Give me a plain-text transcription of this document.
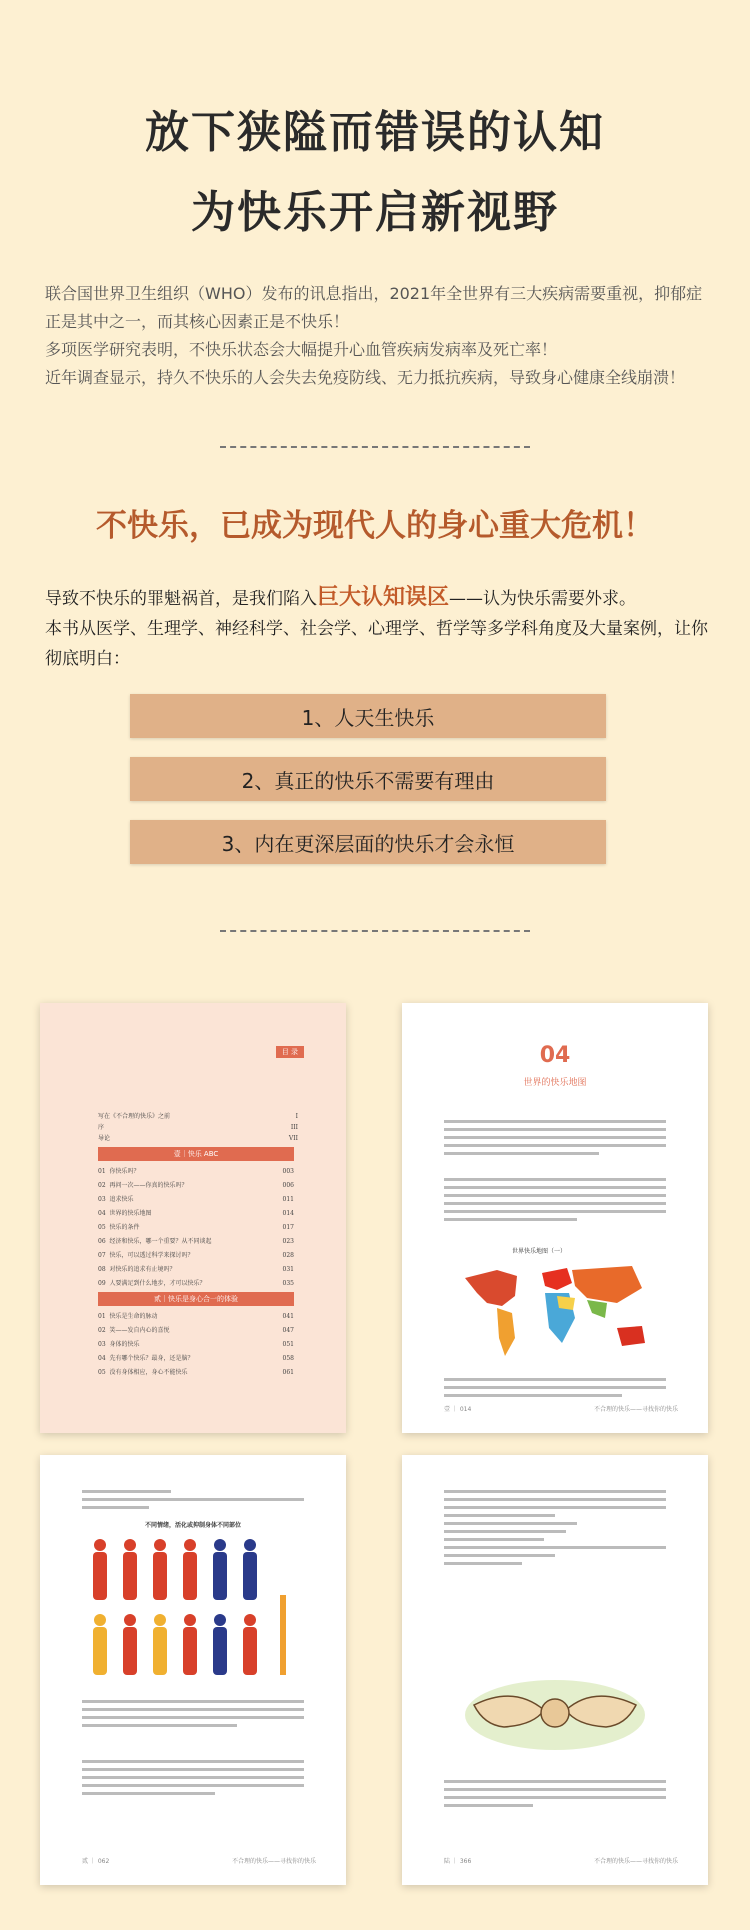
放下狭隘而错误的认知
为快乐开启新视野

联合国世界卫生组织（WHO）发布的讯息指出，2021年全世界有三大疾病需要重视，抑郁症正是其中之一，而其核心因素正是不快乐！

多项医学研究表明，不快乐状态会大幅提升心血管疾病发病率及死亡率！

近年调查显示，持久不快乐的人会失去免疫防线、无力抵抗疾病，导致身心健康全线崩溃！

不快乐，已成为现代人的身心重大危机！
导致不快乐的罪魁祸首，是我们陷入巨大认知误区——认为快乐需要外求。
本书从医学、生理学、神经科学、社会学、心理学、哲学等多学科角度及大量案例，让你彻底明白：
1、人天生快乐
2、真正的快乐不需要有理由
3、内在更深层面的快乐才会永恒
目 录
写在《不合理的快乐》之前	I
序	III
导论	VII
壹｜快乐 ABC
01 你快乐吗？	003
02 再问一次——你真的快乐吗？	006
03 追求快乐	011
04 世界的快乐地图	014
05 快乐的条件	017
06 经济和快乐，哪一个重要？从不同谈起	023
07 快乐，可以透过科学来探讨吗？	028
08 对快乐的追求有止境吗？	031
09 人要满足到什么地步，才可以快乐？	035
贰｜快乐是身心合一的体验
01 快乐是生命的脉动	041
02 笑——发自内心的喜悦	047
03 身体的快乐	051
04 先有哪个快乐？最身，还是脑？	058
05 没有身体相应，身心不能快乐	061
04
世界的快乐地图
世界快乐地图（一）
壹 ｜ 014	不合理的快乐——寻找你的快乐
不同情绪，活化或抑制身体不同部位
贰 ｜ 062	不合理的快乐——寻找你的快乐	陆 ｜ 366	不合理的快乐——寻找你的快乐
